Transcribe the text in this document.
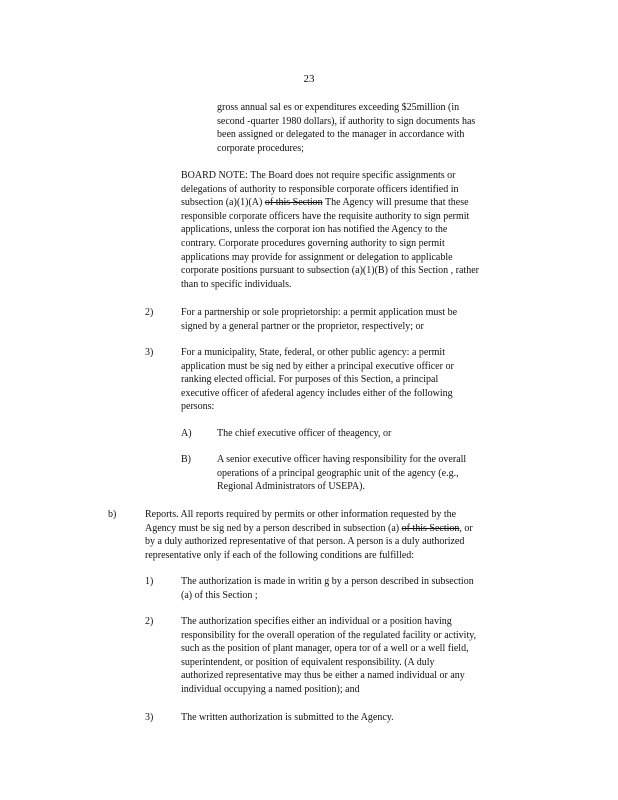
23
gross annual sal es or expenditures exceeding $25million (in
second -quarter 1980 dollars), if authority to sign documents has
been assigned or delegated to the manager in accordance with
corporate procedures;
BOARD NOTE: The Board does not require specific assignments or
delegations of authority to responsible corporate officers identified in
subsection (a)(1)(A) of this Section The Agency will presume that these
responsible corporate officers have the requisite authority to sign permit
applications, unless the corporat ion has notified the Agency to the
contrary. Corporate procedures governing authority to sign permit
applications may provide for assignment or delegation to applicable
corporate positions pursuant to subsection (a)(1)(B) of this Section , rather
than to specific individuals.
2)	For a partnership or sole proprietorship: a permit application must be
signed by a general partner or the proprietor, respectively; or
3)	For a municipality, State, federal, or other public agency: a permit
application must be sig ned by either a principal executive officer or
ranking elected official. For purposes of this Section, a principal
executive officer of afederal agency includes either of the following
persons:
A)	The chief executive officer of theagency, or
B)	A senior executive officer having responsibility for the overall
operations of a principal geographic unit of the agency (e.g.,
Regional Administrators of USEPA).
b)	Reports. All reports required by permits or other information requested by the
Agency must be sig ned by a person described in subsection (a) of this Section, or
by a duly authorized representative of that person. A person is a duly authorized
representative only if each of the following conditions are fulfilled:
1)	The authorization is made in writin g by a person described in subsection
(a) of this Section ;
2)	The authorization specifies either an individual or a position having
responsibility for the overall operation of the regulated facility or activity,
such as the position of plant manager, opera tor of a well or a well field,
superintendent, or position of equivalent responsibility. (A duly
authorized representative may thus be either a named individual or any
individual occupying a named position); and
3)	The written authorization is submitted to the Agency.
